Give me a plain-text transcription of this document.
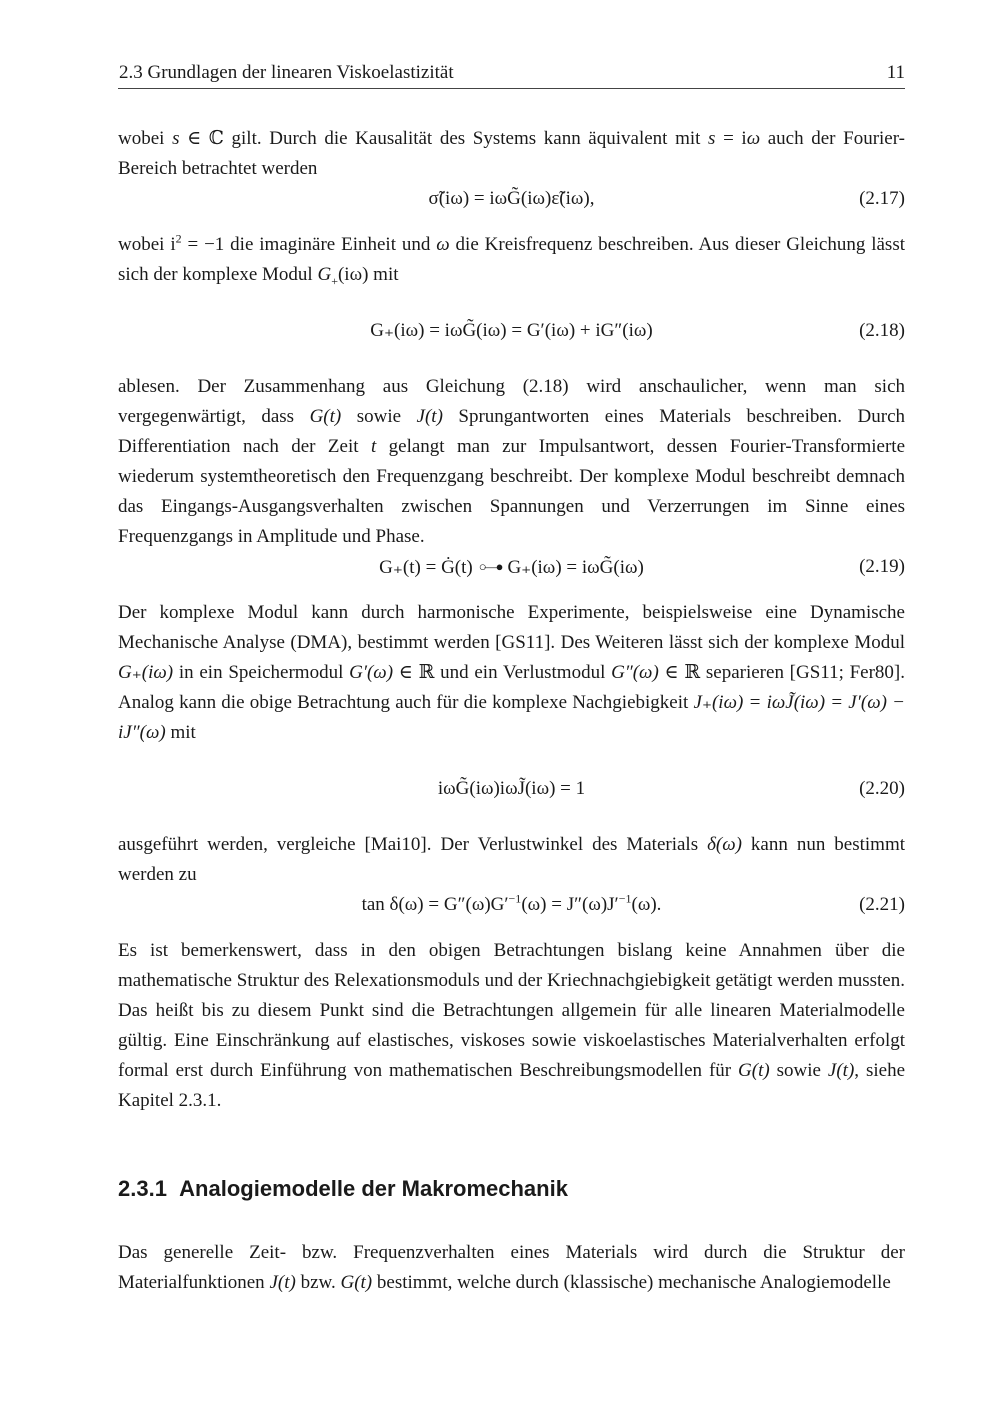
2.3 Grundlagen der linearen Viskoelastizität	11

wobei s ∈ ℂ gilt. Durch die Kausalität des Systems kann äquivalent mit s = iω auch der Fourier-Bereich betrachtet werden

σ̃(iω) = iωG̃(iω)ε̃(iω),	(2.17)

wobei $i^2 = -1$ die imaginäre Einheit und ω die Kreisfrequenz beschreiben. Aus dieser Gleichung lässt sich der komplexe Modul $G_+(i\omega)$ mit

G₊(iω) = iωG̃(iω) = G′(iω) + iG″(iω)	(2.18)

ablesen. Der Zusammenhang aus Gleichung (2.18) wird anschaulicher, wenn man sich vergegenwärtigt, dass G(t) sowie J(t) Sprungantworten eines Materials beschreiben. Durch Differentiation nach der Zeit t gelangt man zur Impulsantwort, dessen Fourier-Transformierte wiederum systemtheoretisch den Frequenzgang beschreibt. Der komplexe Modul beschreibt demnach das Eingangs-Ausgangsverhalten zwischen Spannungen und Verzerrungen im Sinne eines Frequenzgangs in Amplitude und Phase.

G₊(t) = Ġ(t) ○—● G₊(iω) = iωG̃(iω)	(2.19)

Der komplexe Modul kann durch harmonische Experimente, beispielsweise eine Dynamische Mechanische Analyse (DMA), bestimmt werden [GS11]. Des Weiteren lässt sich der komplexe Modul G₊(iω) in ein Speichermodul G′(ω) ∈ ℝ und ein Verlustmodul G″(ω) ∈ ℝ separieren [GS11; Fer80]. Analog kann die obige Betrachtung auch für die komplexe Nachgiebigkeit J₊(iω) = iωJ̃(iω) = J′(ω) − iJ″(ω) mit

iωG̃(iω)iωJ̃(iω) = 1	(2.20)

ausgeführt werden, vergleiche [Mai10]. Der Verlustwinkel des Materials δ(ω) kann nun bestimmt werden zu

$\tan \delta(\omega) = G''(\omega)G'^{-1}(\omega) = J''(\omega)J'^{-1}(\omega)$.	(2.21)

Es ist bemerkenswert, dass in den obigen Betrachtungen bislang keine Annahmen über die mathematische Struktur des Relexationsmoduls und der Kriechnachgiebigkeit getätigt werden mussten. Das heißt bis zu diesem Punkt sind die Betrachtungen allgemein für alle linearen Materialmodelle gültig. Eine Einschränkung auf elastisches, viskoses sowie viskoelastisches Materialverhalten erfolgt formal erst durch Einführung von mathematischen Beschreibungsmodellen für G(t) sowie J(t), siehe Kapitel 2.3.1.

2.3.1 Analogiemodelle der Makromechanik

Das generelle Zeit- bzw. Frequenzverhalten eines Materials wird durch die Struktur der Materialfunktionen J(t) bzw. G(t) bestimmt, welche durch (klassische) mechanische Analogiemodelle
